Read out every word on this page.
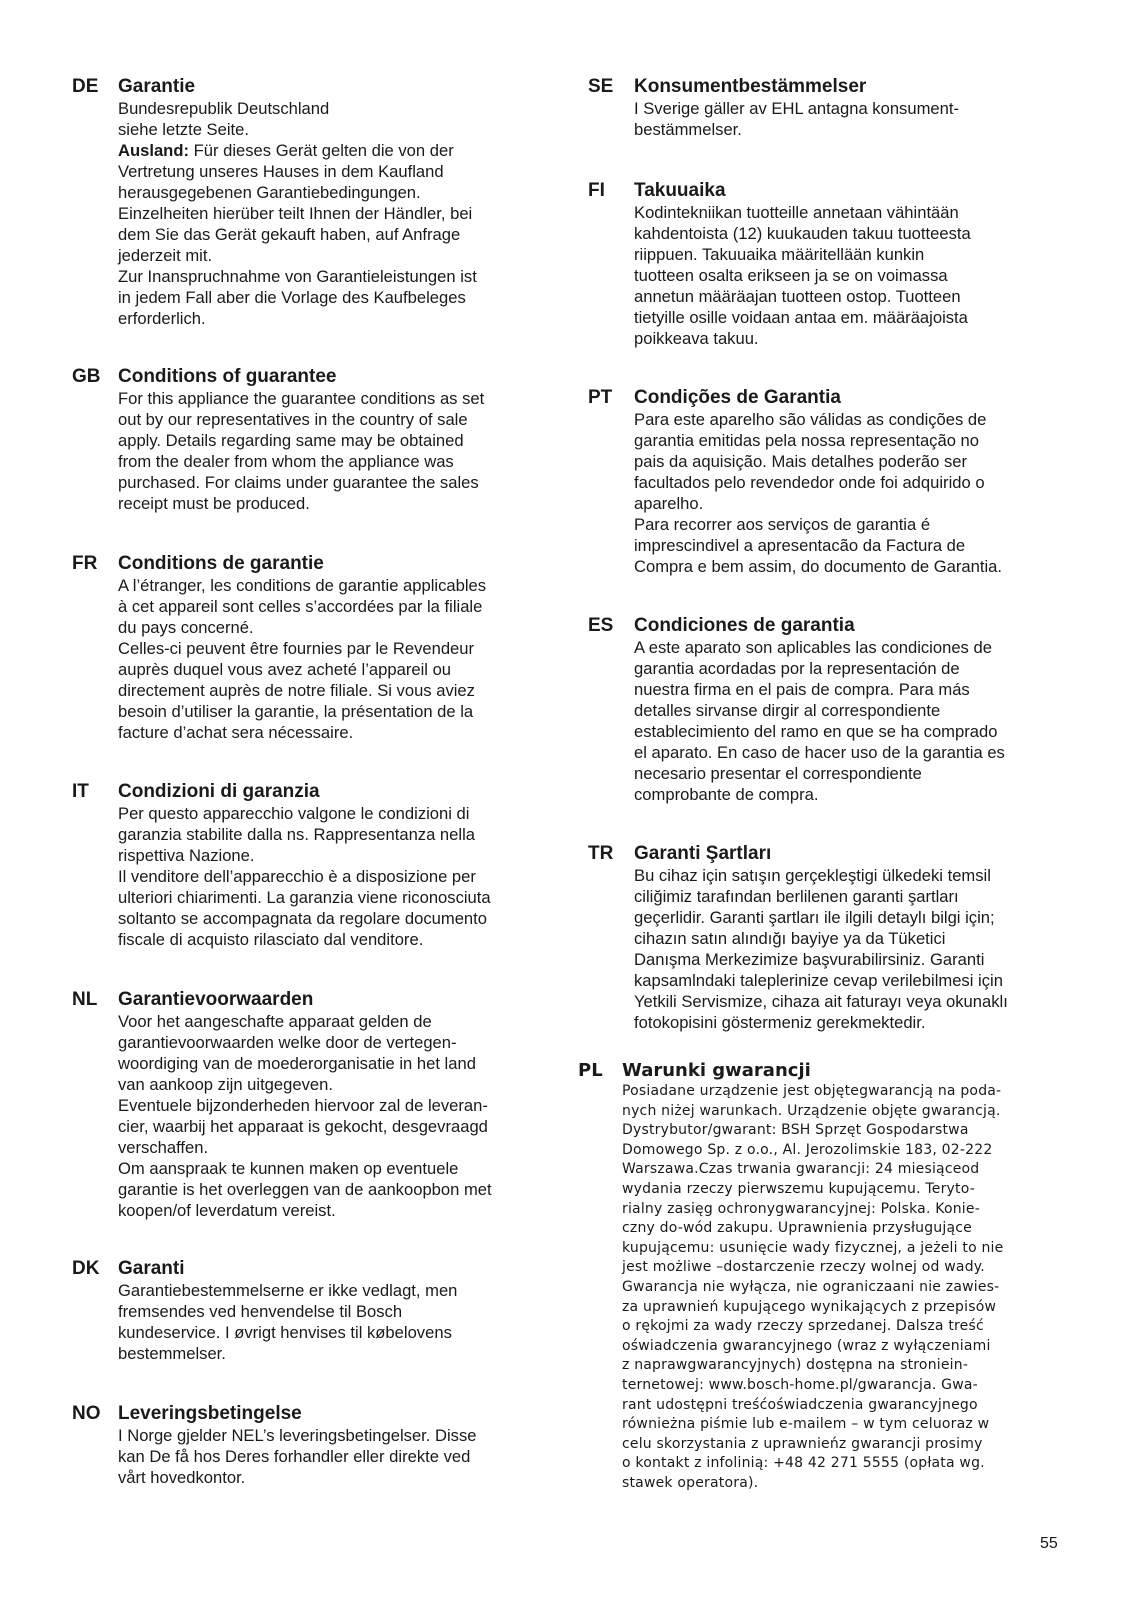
DE Garantie
Bundesrepublik Deutschland
siehe letzte Seite.
Ausland: Für dieses Gerät gelten die von der
Vertretung unseres Hauses in dem Kaufland
herausgegebenen Garantiebedingungen.
Einzelheiten hierüber teilt Ihnen der Händler, bei
dem Sie das Gerät gekauft haben, auf Anfrage
jederzeit mit.
Zur Inanspruchnahme von Garantieleistungen ist
in jedem Fall aber die Vorlage des Kaufbeleges
erforderlich.
GB Conditions of guarantee
For this appliance the guarantee conditions as set
out by our representatives in the country of sale
apply. Details regarding same may be obtained
from the dealer from whom the appliance was
purchased. For claims under guarantee the sales
receipt must be produced.
FR Conditions de garantie
A l’étranger, les conditions de garantie applicables
à cet appareil sont celles s’accordées par la filiale
du pays concerné.
Celles-ci peuvent être fournies par le Revendeur
auprès duquel vous avez acheté l’appareil ou
directement auprès de notre filiale. Si vous aviez
besoin d’utiliser la garantie, la présentation de la
facture d’achat sera nécessaire.
IT Condizioni di garanzia
Per questo apparecchio valgone le condizioni di
garanzia stabilite dalla ns. Rappresentanza nella
rispettiva Nazione.
Il venditore dell’apparecchio è a disposizione per
ulteriori chiarimenti. La garanzia viene riconosciuta
soltanto se accompagnata da regolare documento
fiscale di acquisto rilasciato dal venditore.
NL Garantievoorwaarden
Voor het aangeschafte apparaat gelden de
garantievoorwaarden welke door de vertegen-
woordiging van de moederorganisatie in het land
van aankoop zijn uitgegeven.
Eventuele bijzonderheden hiervoor zal de leveran-
cier, waarbij het apparaat is gekocht, desgevraagd
verschaffen.
Om aanspraak te kunnen maken op eventuele
garantie is het overleggen van de aankoopbon met
koopen/of leverdatum vereist.
DK Garanti
Garantiebestemmelserne er ikke vedlagt, men
fremsendes ved henvendelse til Bosch
kundeservice. I øvrigt henvises til købelovens
bestemmelser.
NO Leveringsbetingelse
I Norge gjelder NEL’s leveringsbetingelser. Disse
kan De få hos Deres forhandler eller direkte ved
vårt hovedkontor.
SE Konsumentbestämmelser
I Sverige gäller av EHL antagna konsument-
bestämmelser.
FI Takuuaika
Kodintekniikan tuotteille annetaan vähintään
kahdentoista (12) kuukauden takuu tuotteesta
riippuen. Takuuaika määritellään kunkin
tuotteen osalta erikseen ja se on voimassa
annetun määräajan tuotteen ostop. Tuotteen
tietyille osille voidaan antaa em. määräajoista
poikkeava takuu.
PT Condições de Garantia
Para este aparelho são válidas as condições de
garantia emitidas pela nossa representação no
pais da aquisição. Mais detalhes poderão ser
facultados pelo revendedor onde foi adquirido o
aparelho.
Para recorrer aos serviços de garantia é
imprescindivel a apresentacão da Factura de
Compra e bem assim, do documento de Garantia.
ES Condiciones de garantia
A este aparato son aplicables las condiciones de
garantia acordadas por la representación de
nuestra firma en el pais de compra. Para más
detalles sirvanse dirgir al correspondiente
establecimiento del ramo en que se ha comprado
el aparato. En caso de hacer uso de la garantia es
necesario presentar el correspondiente
comprobante de compra.
TR Garanti Şartları
Bu cihaz için satışın gerçekleştigi ülkedeki temsil
ciliğimiz tarafından berlilenen garanti şartları
geçerlidir. Garanti şartları ile ilgili detaylı bilgi için;
cihazın satın alındığı bayiye ya da Tüketici
Danışma Merkezimize başvurabilirsiniz. Garanti
kapsamlndaki taleplerinize cevap verilebilmesi için
Yetkili Servismize, cihaza ait faturayı veya okunaklı
fotokopisini göstermeniz gerekmektedir.
PL Warunki gwarancji
Posiadane urządzenie jest objętegwarancją na poda-
nych niżej warunkach. Urządzenie objęte gwarancją.
Dystrybutor/gwarant: BSH Sprzęt Gospodarstwa
Domowego Sp. z o.o., Al. Jerozolimskie 183, 02-222
Warszawa.Czas trwania gwarancji: 24 miesiąceod
wydania rzeczy pierwszemu kupującemu. Teryto-
rialny zasięg ochronygwarancyjnej: Polska. Konie-
czny do-wód zakupu. Uprawnienia przysługujące
kupującemu: usunięcie wady fizycznej, a jeżeli to nie
jest możliwe –dostarczenie rzeczy wolnej od wady.
Gwarancja nie wyłącza, nie ograniczaani nie zawies-
za uprawnień kupującego wynikających z przepisów
o rękojmi za wady rzeczy sprzedanej. Dalsza treść
oświadczenia gwarancyjnego (wraz z wyłączeniami
z naprawgwarancyjnych) dostępna na stroniein-
ternetowej: www.bosch-home.pl/gwarancja. Gwa-
rant udostępni treśćoświadczenia gwarancyjnego
równieżna piśmie lub e-mailem – w tym celuoraz w
celu skorzystania z uprawnieńz gwarancji prosimy
o kontakt z infolinią: +48 42 271 5555 (opłata wg.
stawek operatora).
55
